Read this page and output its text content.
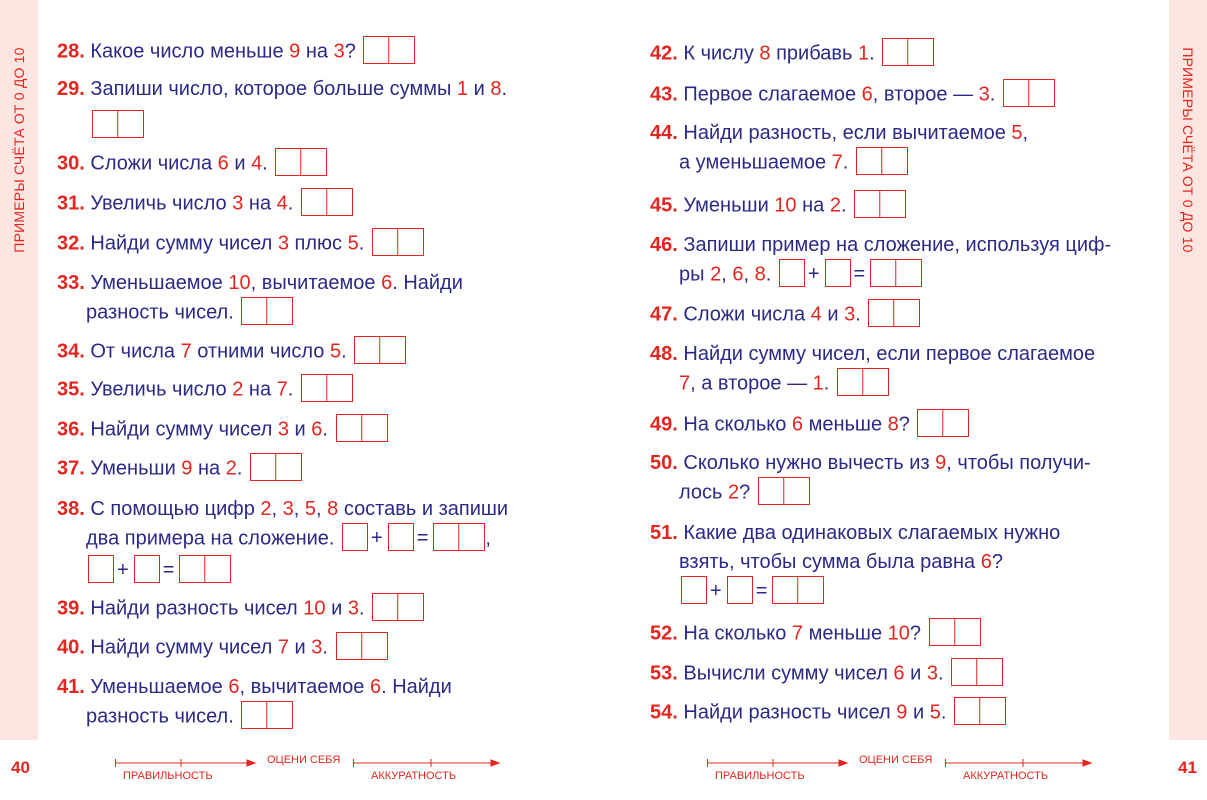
ПРИМЕРЫ СЧЁТА ОТ 0 ДО 10	ПРИМЕРЫ СЧЁТА ОТ 0 ДО 10
28. Какое число меньше 9 на 3?
29. Запиши число, которое больше суммы 1 и 8.
30. Сложи числа 6 и 4.
31. Увеличь число 3 на 4.
32. Найди сумму чисел 3 плюс 5.
33. Уменьшаемое 10, вычитаемое 6. Найди
разность чисел.
34. От числа 7 отними число 5.
35. Увеличь число 2 на 7.
36. Найди сумму чисел 3 и 6.
37. Уменьши 9 на 2.
38. С помощью цифр 2, 3, 5, 8 составь и запиши
два примера на сложение. + =	,
+ =
39. Найди разность чисел 10 и 3.
40. Найди сумму чисел 7 и 3.
41. Уменьшаемое 6, вычитаемое 6. Найди
разность чисел.
42. К числу 8 прибавь 1.
43. Первое слагаемое 6, второе — 3.
44. Найди разность, если вычитаемое 5,
а уменьшаемое 7.
45. Уменьши 10 на 2.
46. Запиши пример на сложение, используя циф-
ры 2, 6, 8. + =
47. Сложи числа 4 и 3.
48. Найди сумму чисел, если первое слагаемое
7, а второе — 1.
49. На сколько 6 меньше 8?
50. Сколько нужно вычесть из 9, чтобы получи-
лось 2?
51. Какие два одинаковых слагаемых нужно
взять, чтобы сумма была равна 6?
+ =
52. На сколько 7 меньше 10?
53. Вычисли сумму чисел 6 и 3.
54. Найди разность чисел 9 и 5.
40	41
ОЦЕНИ СЕБЯ
ПРАВИЛЬНОСТЬ	АККУРАТНОСТЬ
ОЦЕНИ СЕБЯ
ПРАВИЛЬНОСТЬ	АККУРАТНОСТЬ
